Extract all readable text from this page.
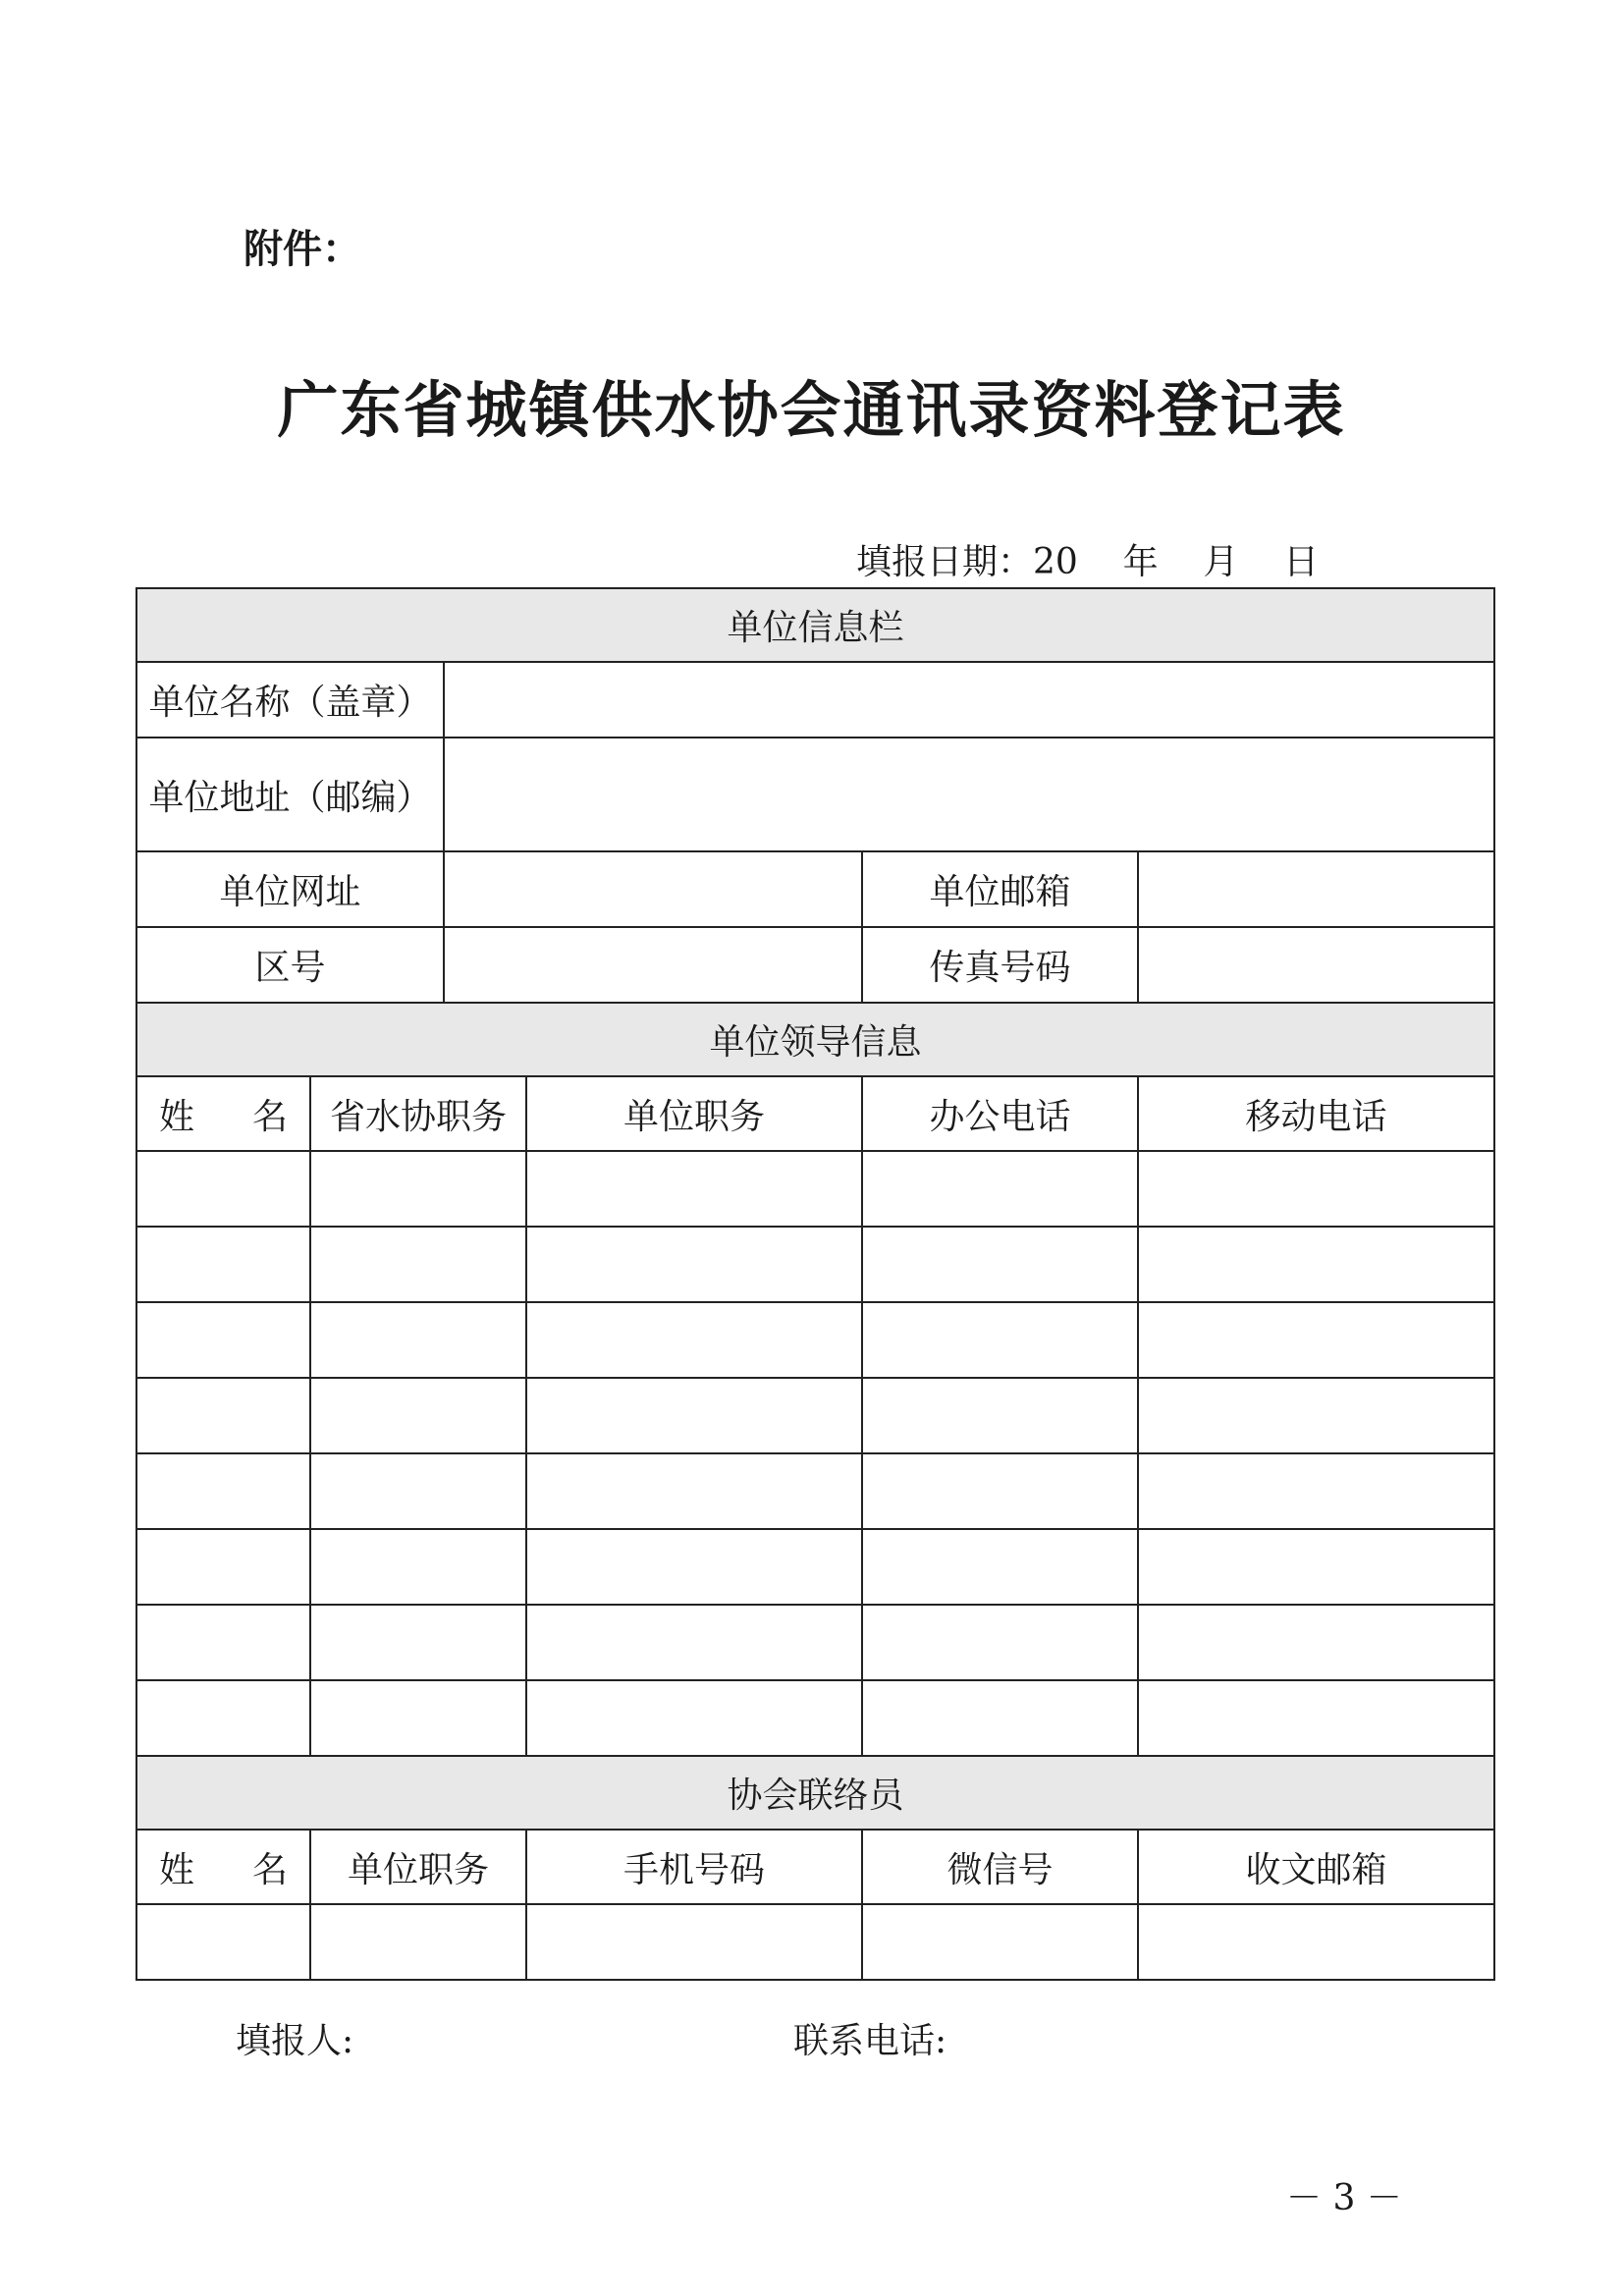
附件：
广东省城镇供水协会通讯录资料登记表
填报日期：20    年    月    日
单位信息栏					
单位名称（盖章）					
单位地址（邮编）					
单位网址				单位邮箱	
区号				传真号码	
单位领导信息					

姓 名	省水协职务		单位职务	办公电话	移动电话

协会联络员					

姓 名	单位职务		手机号码	微信号	收文邮箱

填报人:	联系电话:
－ 3 －
